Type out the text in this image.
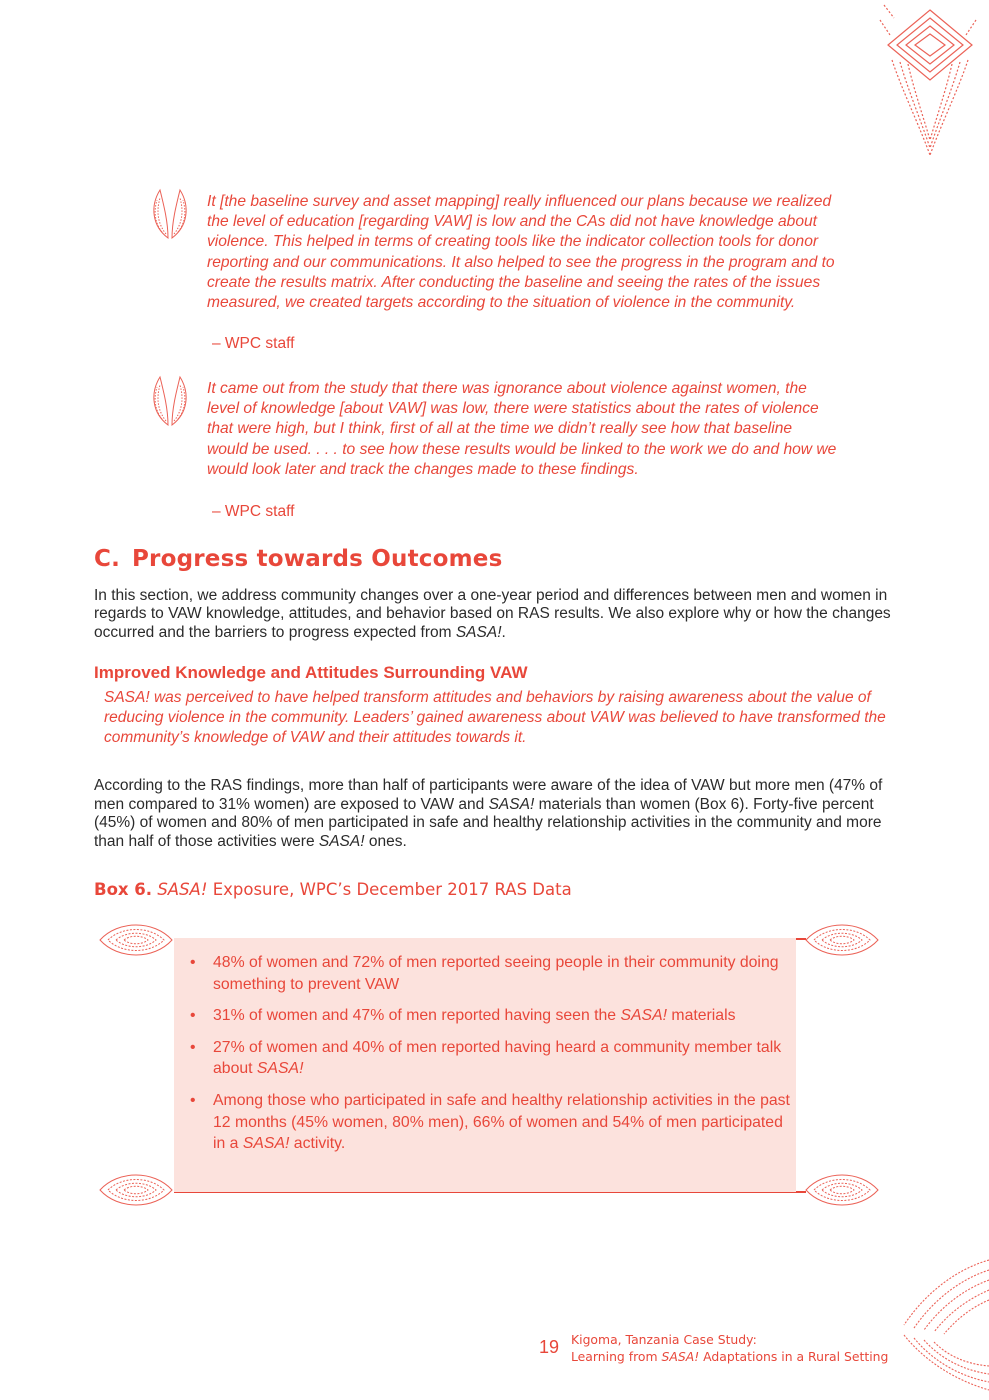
It [the baseline survey and asset mapping] really influenced our plans because we realized the level of education [regarding VAW] is low and the CAs did not have knowledge about violence. This helped in terms of creating tools like the indicator collection tools for donor reporting and our communications. It also helped to see the progress in the program and to create the results matrix. After conducting the baseline and seeing the rates of the issues measured, we created targets according to the situation of violence in the community.
– WPC staff
It came out from the study that there was ignorance about violence against women, the level of knowledge [about VAW] was low, there were statistics about the rates of violence that were high, but I think, first of all at the time we didn’t really see how that baseline would be used. . . . to see how these results would be linked to the work we do and how we would look later and track the changes made to these findings.
– WPC staff
C. Progress towards Outcomes
In this section, we address community changes over a one-year period and differences between men and women in regards to VAW knowledge, attitudes, and behavior based on RAS results. We also explore why or how the changes occurred and the barriers to progress expected from SASA!.
Improved Knowledge and Attitudes Surrounding VAW
SASA! was perceived to have helped transform attitudes and behaviors by raising awareness about the value of reducing violence in the community. Leaders’ gained awareness about VAW was believed to have transformed the community’s knowledge of VAW and their attitudes towards it.
According to the RAS findings, more than half of participants were aware of the idea of VAW but more men (47% of men compared to 31% women) are exposed to VAW and SASA! materials than women (Box 6). Forty-five percent (45%) of women and 80% of men participated in safe and healthy relationship activities in the community and more than half of those activities were SASA! ones.
Box 6. SASA! Exposure, WPC’s December 2017 RAS Data
• 48% of women and 72% of men reported seeing people in their community doing something to prevent VAW
• 31% of women and 47% of men reported having seen the SASA! materials
• 27% of women and 40% of men reported having heard a community member talk about SASA!
• Among those who participated in safe and healthy relationship activities in the past 12 months (45% women, 80% men), 66% of women and 54% of men participated in a SASA! activity.
19 Kigoma, Tanzania Case Study:
Learning from SASA! Adaptations in a Rural Setting
